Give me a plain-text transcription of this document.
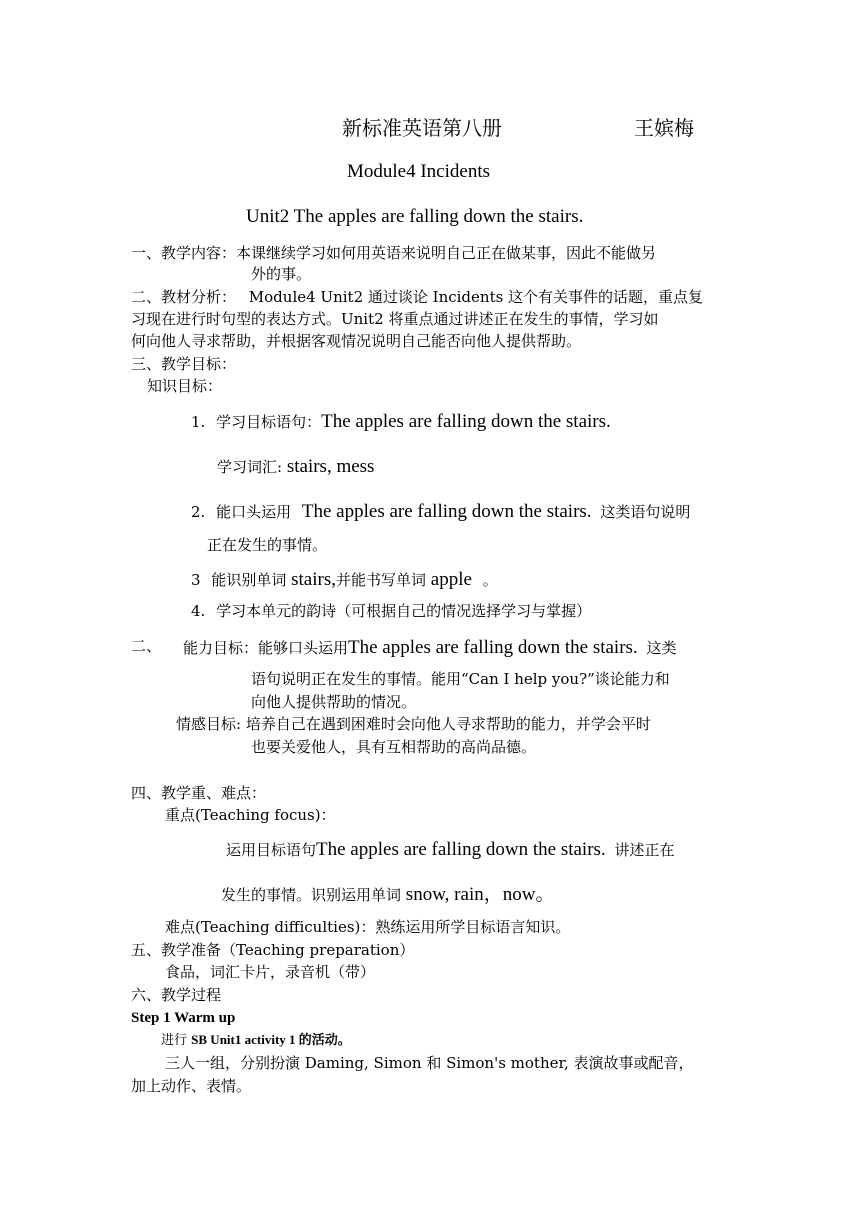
新标准英语第八册	王嫔梅
Module4 Incidents
Unit2 The apples are falling down the stairs.
一、教学内容：本课继续学习如何用英语来说明自己正在做某事，因此不能做另
外的事。
二、教材分析： Module4 Unit2 通过谈论 Incidents 这个有关事件的话题，重点复
习现在进行时句型的表达方式。Unit2 将重点通过讲述正在发生的事情，学习如
何向他人寻求帮助，并根据客观情况说明自己能否向他人提供帮助。
三、教学目标：
知识目标：
1. 学习目标语句：The apples are falling down the stairs.
学习词汇: stairs, mess
2. 能口头运用 The apples are falling down the stairs. 这类语句说明
正在发生的事情。
3 能识别单词 stairs,并能书写单词 apple 。
4. 学习本单元的韵诗（可根据自己的情况选择学习与掌握）
二、 能力目标：能够口头运用The apples are falling down the stairs. 这类
语句说明正在发生的事情。能用“Can I help you?”谈论能力和
向他人提供帮助的情况。
情感目标: 培养自己在遇到困难时会向他人寻求帮助的能力，并学会平时
也要关爱他人，具有互相帮助的高尚品德。
四、教学重、难点：
重点(Teaching focus)：
运用目标语句The apples are falling down the stairs. 讲述正在
发生的事情。识别运用单词 snow, rain，now。
难点(Teaching difficulties)：熟练运用所学目标语言知识。
五、教学准备（Teaching preparation）
食品，词汇卡片，录音机（带）
六、教学过程
Step 1 Warm up
进行 SB Unit1 activity 1 的活动。
三人一组，分别扮演 Daming, Simon 和 Simon's mother, 表演故事或配音，
加上动作、表情。
